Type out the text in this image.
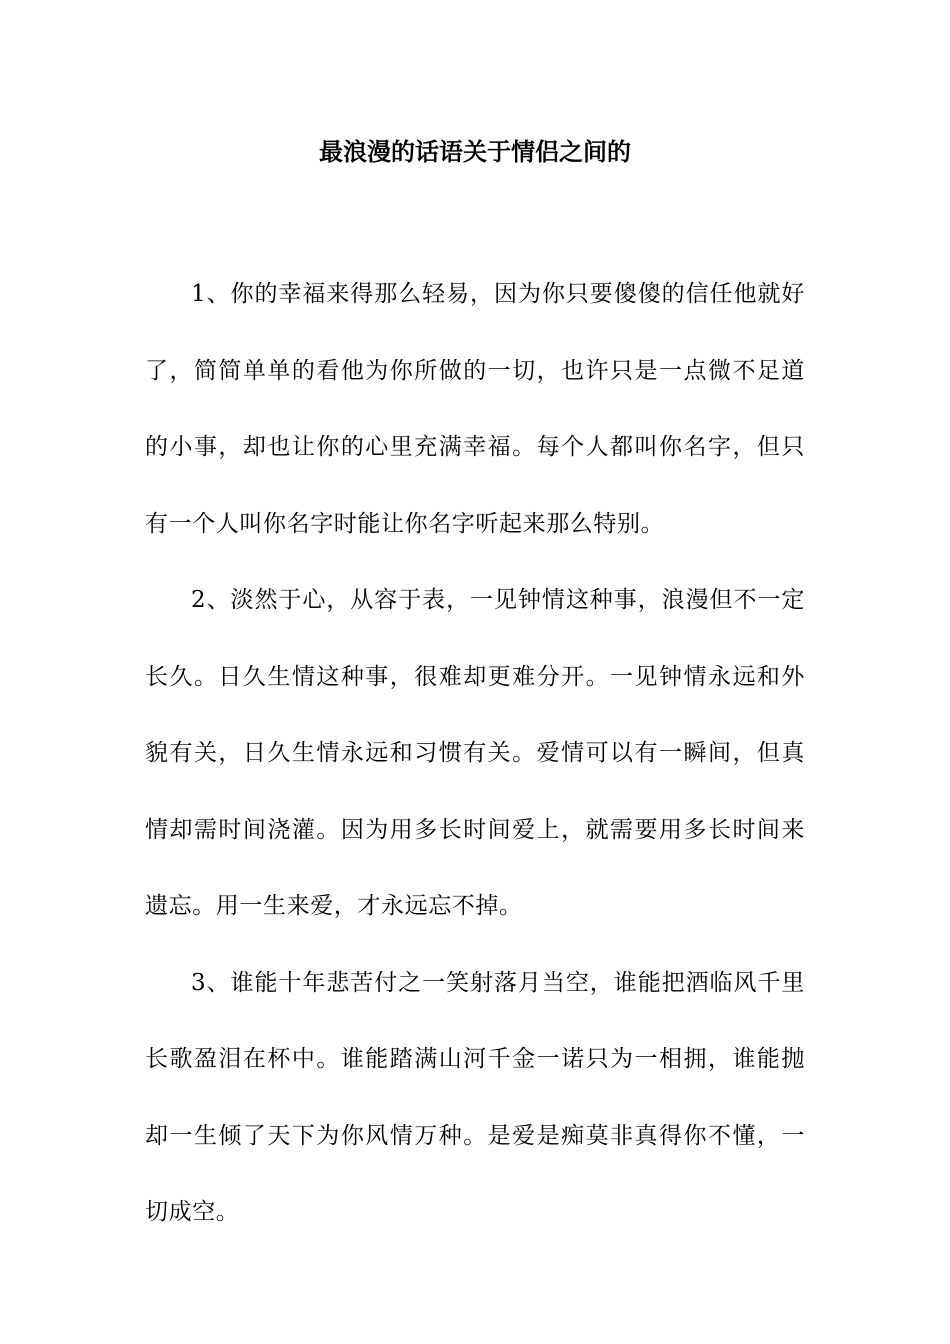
最浪漫的话语关于情侣之间的

1、你的幸福来得那么轻易，因为你只要傻傻的信任他就好了，简简单单的看他为你所做的一切，也许只是一点微不足道的小事，却也让你的心里充满幸福。每个人都叫你名字，但只有一个人叫你名字时能让你名字听起来那么特别。

2、淡然于心，从容于表，一见钟情这种事，浪漫但不一定长久。日久生情这种事，很难却更难分开。一见钟情永远和外貌有关，日久生情永远和习惯有关。爱情可以有一瞬间，但真情却需时间浇灌。因为用多长时间爱上，就需要用多长时间来遗忘。用一生来爱，才永远忘不掉。

3、谁能十年悲苦付之一笑射落月当空，谁能把酒临风千里长歌盈泪在杯中。谁能踏满山河千金一诺只为一相拥，谁能抛却一生倾了天下为你风情万种。是爱是痴莫非真得你不懂，一切成空。
